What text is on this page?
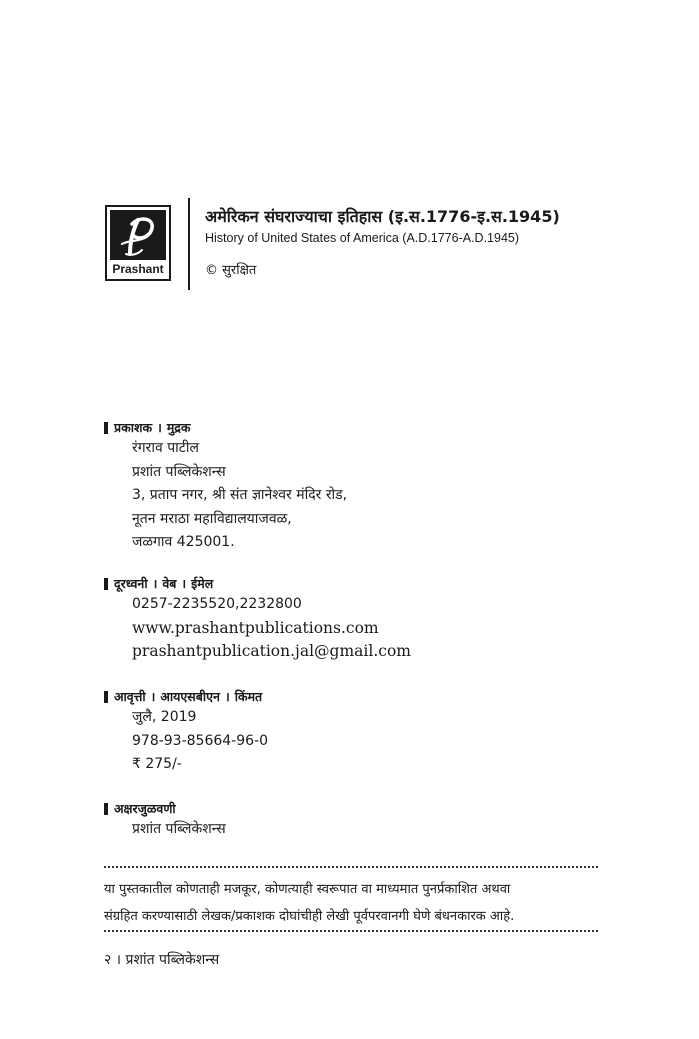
Prashant
अमेरिकन संघराज्याचा इतिहास (इ.स.1776-इ.स.1945)
History of United States of America (A.D.1776-A.D.1945)
© सुरक्षित
प्रकाशक । मुद्रक
रंगराव पाटील
प्रशांत पब्लिकेशन्स
3, प्रताप नगर, श्री संत ज्ञानेश्वर मंदिर रोड,
नूतन मराठा महाविद्यालयाजवळ,
जळगाव 425001.
दूरध्वनी । वेब । ईमेल
0257-2235520,2232800
www.prashantpublications.com
prashantpublication.jal@gmail.com
आवृत्ती । आयएसबीएन । किंमत
जुलै, 2019
978-93-85664-96-0
₹ 275/-
अक्षरजुळवणी
प्रशांत पब्लिकेशन्स
या पुस्तकातील कोणताही मजकूर, कोणत्याही स्वरूपात वा माध्यमात पुनर्प्रकाशित अथवा
संग्रहित करण्यासाठी लेखक/प्रकाशक दोघांचीही लेखी पूर्वपरवानगी घेणे बंधनकारक आहे.
२ । प्रशांत पब्लिकेशन्स
